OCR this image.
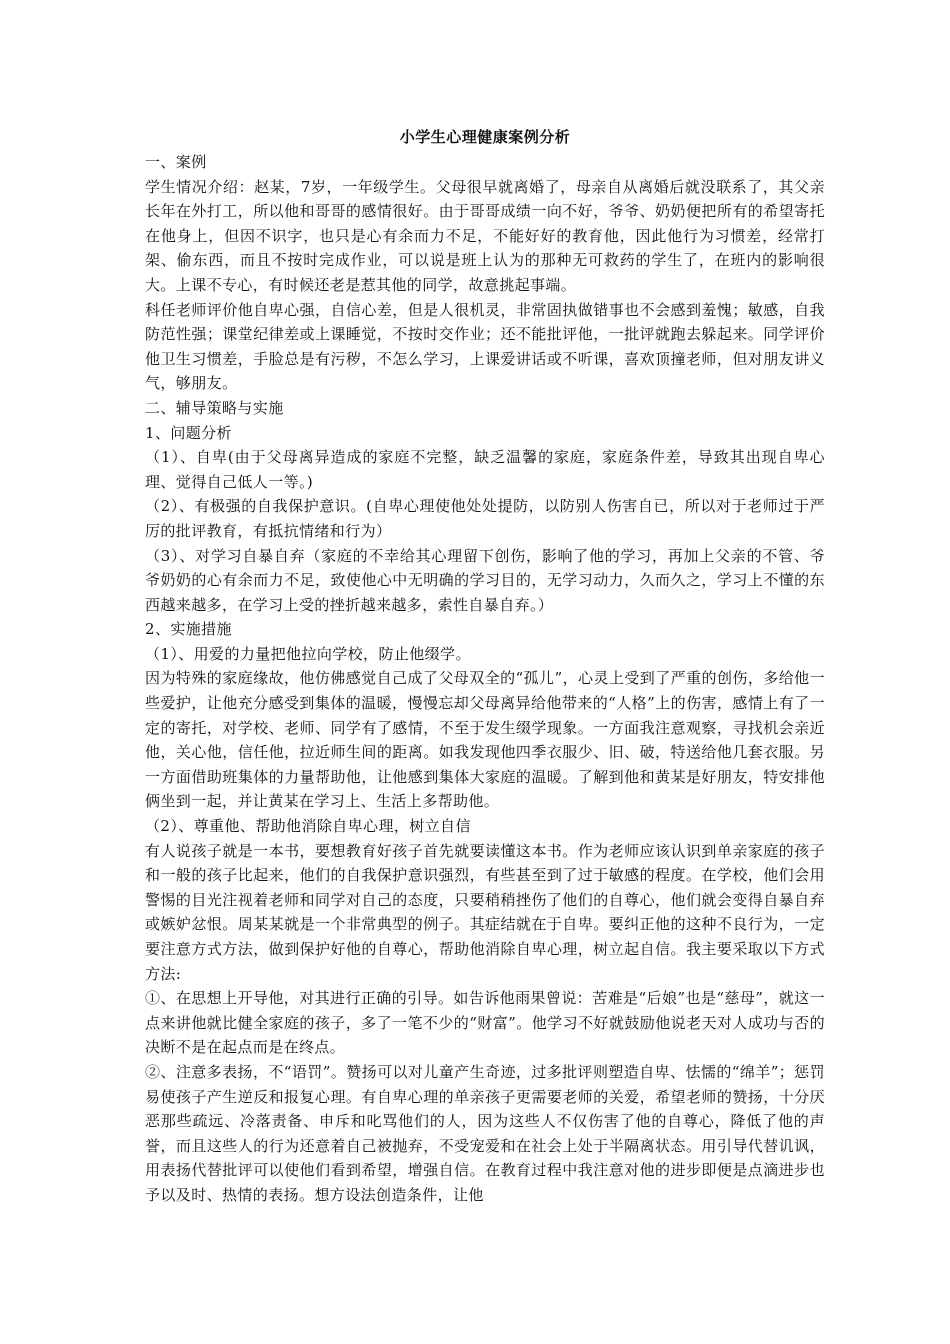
小学生心理健康案例分析

一、案例

学生情况介绍：赵某，7岁，一年级学生。父母很早就离婚了，母亲自从离婚后就没联系了，其父亲长年在外打工，所以他和哥哥的感情很好。由于哥哥成绩一向不好，爷爷、奶奶便把所有的希望寄托在他身上，但因不识字，也只是心有余而力不足，不能好好的教育他，因此他行为习惯差，经常打架、偷东西，而且不按时完成作业，可以说是班上认为的那种无可救药的学生了，在班内的影响很大。上课不专心，有时候还老是惹其他的同学，故意挑起事端。

科任老师评价他自卑心强，自信心差，但是人很机灵，非常固执做错事也不会感到羞愧；敏感，自我防范性强；课堂纪律差或上课睡觉，不按时交作业；还不能批评他，一批评就跑去躲起来。同学评价他卫生习惯差，手脸总是有污秽，不怎么学习，上课爱讲话或不听课，喜欢顶撞老师，但对朋友讲义气，够朋友。

二、辅导策略与实施

1、问题分析

（1）、自卑(由于父母离异造成的家庭不完整，缺乏温馨的家庭，家庭条件差，导致其出现自卑心理、觉得自己低人一等。)

（2）、有极强的自我保护意识。(自卑心理使他处处提防，以防别人伤害自已，所以对于老师过于严厉的批评教育，有抵抗情绪和行为）

（3）、对学习自暴自弃（家庭的不幸给其心理留下创伤，影响了他的学习，再加上父亲的不管、爷爷奶奶的心有余而力不足，致使他心中无明确的学习目的，无学习动力，久而久之，学习上不懂的东西越来越多，在学习上受的挫折越来越多，索性自暴自弃。）

2、实施措施

（1）、用爱的力量把他拉向学校，防止他缀学。

因为特殊的家庭缘故，他仿佛感觉自己成了父母双全的“孤儿”，心灵上受到了严重的创伤，多给他一些爱护，让他充分感受到集体的温暖，慢慢忘却父母离异给他带来的“人格”上的伤害，感情上有了一定的寄托，对学校、老师、同学有了感情，不至于发生缀学现象。一方面我注意观察，寻找机会亲近他，关心他，信任他，拉近师生间的距离。如我发现他四季衣服少、旧、破，特送给他几套衣服。另一方面借助班集体的力量帮助他，让他感到集体大家庭的温暖。了解到他和黄某是好朋友，特安排他俩坐到一起，并让黄某在学习上、生活上多帮助他。

（2）、尊重他、帮助他消除自卑心理，树立自信

有人说孩子就是一本书，要想教育好孩子首先就要读懂这本书。作为老师应该认识到单亲家庭的孩子和一般的孩子比起来，他们的自我保护意识强烈，有些甚至到了过于敏感的程度。在学校，他们会用警惕的目光注视着老师和同学对自己的态度，只要稍稍挫伤了他们的自尊心，他们就会变得自暴自弃或嫉妒忿恨。周某某就是一个非常典型的例子。其症结就在于自卑。要纠正他的这种不良行为，一定要注意方式方法，做到保护好他的自尊心，帮助他消除自卑心理，树立起自信。我主要采取以下方式方法:

①、在思想上开导他，对其进行正确的引导。如告诉他雨果曾说：苦难是“后娘”也是“慈母”，就这一点来讲他就比健全家庭的孩子，多了一笔不少的“财富”。他学习不好就鼓励他说老天对人成功与否的决断不是在起点而是在终点。

②、注意多表扬，不“语罚”。赞扬可以对儿童产生奇迹，过多批评则塑造自卑、怯懦的“绵羊”；惩罚易使孩子产生逆反和报复心理。有自卑心理的单亲孩子更需要老师的关爱，希望老师的赞扬，十分厌恶那些疏远、冷落责备、申斥和叱骂他们的人，因为这些人不仅伤害了他的自尊心，降低了他的声誉，而且这些人的行为还意着自己被抛弃，不受宠爱和在社会上处于半隔离状态。用引导代替讥讽，用表扬代替批评可以使他们看到希望，增强自信。在教育过程中我注意对他的进步即便是点滴进步也予以及时、热情的表扬。想方设法创造条件，让他
